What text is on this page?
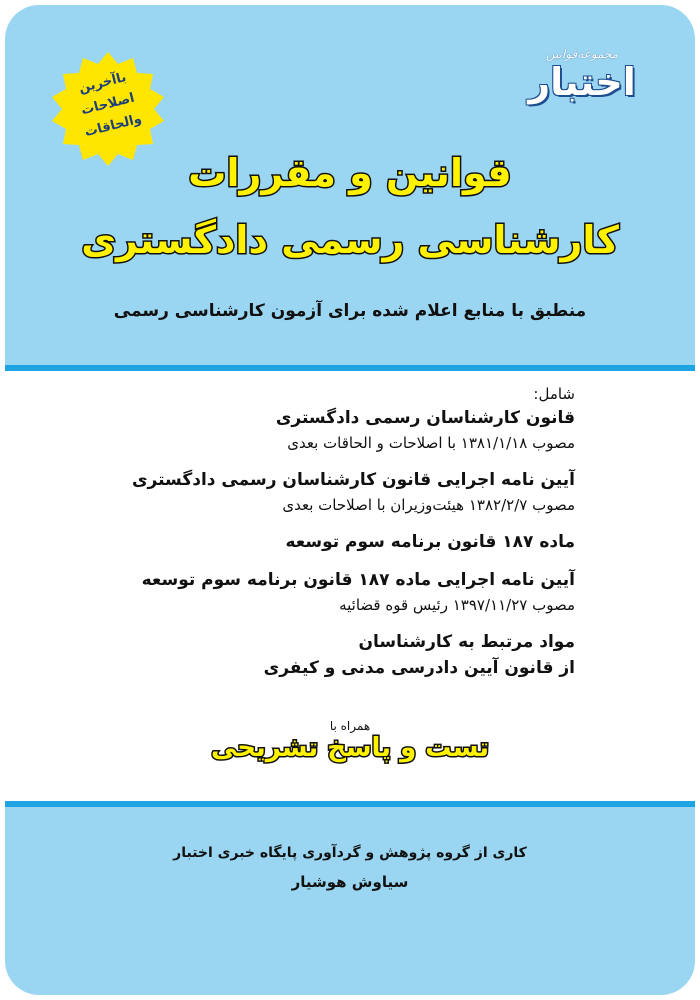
باآخرین
اصلاحات
والحاقات
مجموعه‌قوانین
اختبار
قوانین و مقررات
کارشناسی رسمی دادگستری
منطبق با منابع اعلام شده برای آزمون کارشناسی رسمی
شامل:
قانون کارشناسان رسمی دادگستری
مصوب ۱۳۸۱/۱/۱۸ با اصلاحات و الحاقات بعدی
آیین نامه اجرایی قانون کارشناسان رسمی دادگستری
مصوب ۱۳۸۲/۲/۷ هیئت‌وزیران با اصلاحات بعدی
ماده ۱۸۷ قانون برنامه سوم توسعه
آیین نامه اجرایی ماده ۱۸۷ قانون برنامه سوم توسعه
مصوب ۱۳۹۷/۱۱/۲۷ رئیس قوه قضائیه
مواد مرتبط به کارشناسان
از قانون آیین دادرسی مدنی و کیفری
همراه با
تست و پاسخ تشریحی
کاری از گروه پژوهش و گردآوری پایگاه خبری اختبار
سیاوش هوشیار
